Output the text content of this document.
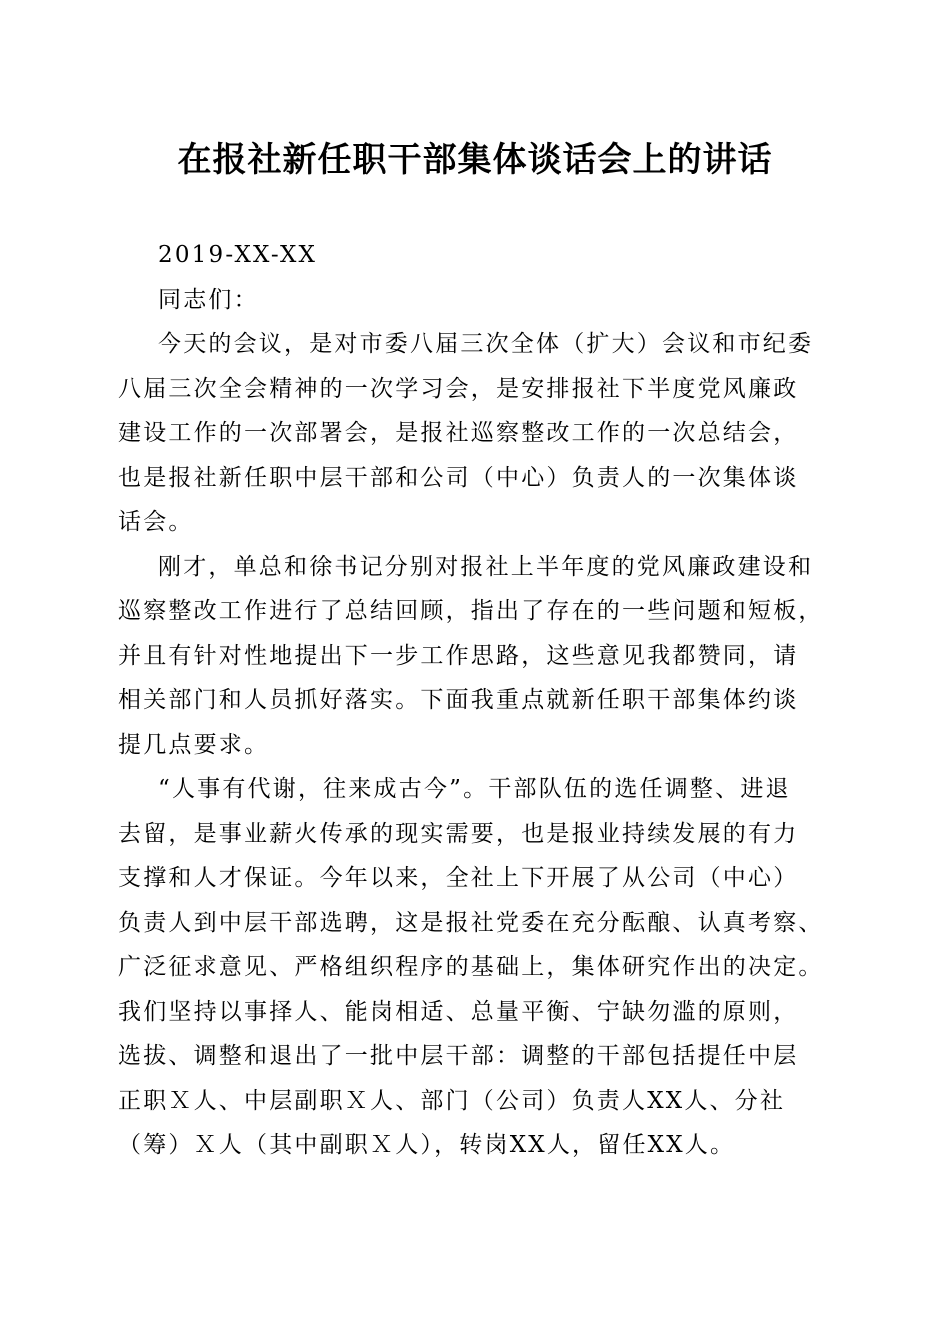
在报社新任职干部集体谈话会上的讲话
2019-XX-XX
同志们：
今天的会议，是对市委八届三次全体（扩大）会议和市纪委
八届三次全会精神的一次学习会，是安排报社下半度党风廉政
建设工作的一次部署会，是报社巡察整改工作的一次总结会，
也是报社新任职中层干部和公司（中心）负责人的一次集体谈
话会。
刚才，单总和徐书记分别对报社上半年度的党风廉政建设和
巡察整改工作进行了总结回顾，指出了存在的一些问题和短板，
并且有针对性地提出下一步工作思路，这些意见我都赞同，请
相关部门和人员抓好落实。下面我重点就新任职干部集体约谈
提几点要求。
“人事有代谢，往来成古今”。干部队伍的选任调整、进退
去留，是事业薪火传承的现实需要，也是报业持续发展的有力
支撑和人才保证。今年以来，全社上下开展了从公司（中心）
负责人到中层干部选聘，这是报社党委在充分酝酿、认真考察、
广泛征求意见、严格组织程序的基础上，集体研究作出的决定。
我们坚持以事择人、能岗相适、总量平衡、宁缺勿滥的原则，
选拔、调整和退出了一批中层干部：调整的干部包括提任中层
正职Ｘ人、中层副职Ｘ人、部门（公司）负责人XX人、分社
（筹）Ｘ人（其中副职Ｘ人），转岗XX人，留任XX人。
